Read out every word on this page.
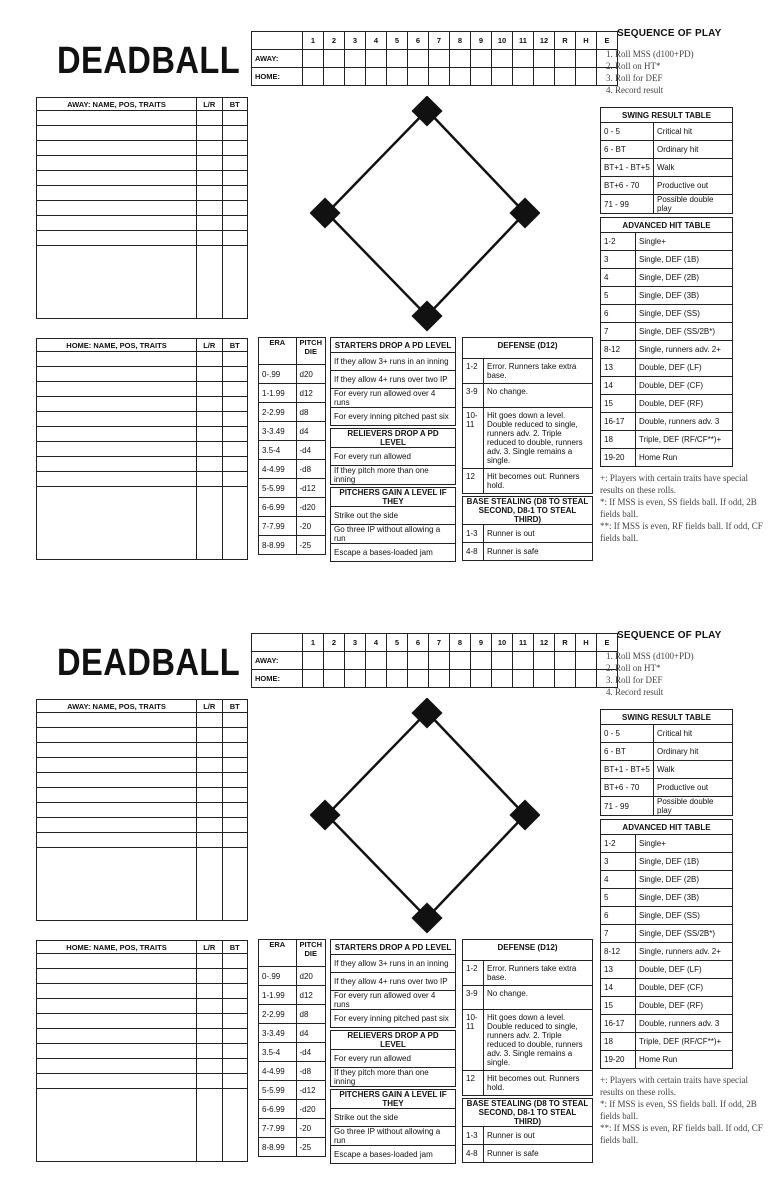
DEADBALL
		1	2	3	4	5	6	7	8	9	10	11	12	R	H	E
AWAY:															
HOME:															
SEQUENCE OF PLAY
1. Roll MSS (d100+PD)
2. Roll on HT*
3. Roll for DEF
4. Record result
AWAY: NAME, POS, TRAITS	L/R	BT

SWING RESULT TABLE	
0 - 5	Critical hit
6 - BT	Ordinary hit
BT+1 - BT+5	Walk
BT+6 - 70	Productive out
71 - 99	Possible double play
ADVANCED HIT TABLE	
1-2	Single+
3	Single, DEF (1B)
4	Single, DEF (2B)
5	Single, DEF (3B)
6	Single, DEF (SS)
7	Single, DEF (SS/2B*)
8-12	Single, runners adv. 2+
13	Double, DEF (LF)
14	Double, DEF (CF)
15	Double, DEF (RF)
16-17	Double, runners adv. 3
18	Triple, DEF (RF/CF**)+
19-20	Home Run
+: Players with certain traits have special results on these rolls.
*: If MSS is even, SS fields ball. If odd, 2B fields ball.
**: If MSS is even, RF fields ball. If odd, CF fields ball.
HOME: NAME, POS, TRAITS	L/R	BT

			ERA	PITCH DIE
0-.99	d20
1-1.99	d12
2-2.99	d8
3-3.49	d4
3.5-4	-d4
4-4.99	-d8
5-5.99	-d12
6-6.99	-d20
7-7.99	-20
8-8.99	-25
STARTERS DROP A PD LEVEL
If they allow 3+ runs in an inning
If they allow 4+ runs over two IP
For every run allowed over 4 runs
For every inning pitched past six
RELIEVERS DROP A PD LEVEL
For every run allowed
If they pitch more than one inning
PITCHERS GAIN A LEVEL IF THEY
Strike out the side
Go three IP without allowing a run
Escape a bases-loaded jam
DEFENSE (D12)	
1-2	Error. Runners take extra base.
3-9	No change.
10-11	Hit goes down a level. Double reduced to single, runners adv. 2. Triple reduced to double, runners adv. 3. Single remains a single.
12	Hit becomes out. Runners hold.
BASE STEALING (D8 TO STEAL SECOND, D8-1 TO STEAL THIRD)	
1-3	Runner is out
4-8	Runner is safe
DEADBALL
		1	2	3	4	5	6	7	8	9	10	11	12	R	H	E
AWAY:															
HOME:															
SEQUENCE OF PLAY
1. Roll MSS (d100+PD)
2. Roll on HT*
3. Roll for DEF
4. Record result
AWAY: NAME, POS, TRAITS	L/R	BT

SWING RESULT TABLE	
0 - 5	Critical hit
6 - BT	Ordinary hit
BT+1 - BT+5	Walk
BT+6 - 70	Productive out
71 - 99	Possible double play
ADVANCED HIT TABLE	
1-2	Single+
3	Single, DEF (1B)
4	Single, DEF (2B)
5	Single, DEF (3B)
6	Single, DEF (SS)
7	Single, DEF (SS/2B*)
8-12	Single, runners adv. 2+
13	Double, DEF (LF)
14	Double, DEF (CF)
15	Double, DEF (RF)
16-17	Double, runners adv. 3
18	Triple, DEF (RF/CF**)+
19-20	Home Run
+: Players with certain traits have special results on these rolls.
*: If MSS is even, SS fields ball. If odd, 2B fields ball.
**: If MSS is even, RF fields ball. If odd, CF fields ball.
HOME: NAME, POS, TRAITS	L/R	BT

			ERA	PITCH DIE
0-.99	d20
1-1.99	d12
2-2.99	d8
3-3.49	d4
3.5-4	-d4
4-4.99	-d8
5-5.99	-d12
6-6.99	-d20
7-7.99	-20
8-8.99	-25
STARTERS DROP A PD LEVEL
If they allow 3+ runs in an inning
If they allow 4+ runs over two IP
For every run allowed over 4 runs
For every inning pitched past six
RELIEVERS DROP A PD LEVEL
For every run allowed
If they pitch more than one inning
PITCHERS GAIN A LEVEL IF THEY
Strike out the side
Go three IP without allowing a run
Escape a bases-loaded jam
DEFENSE (D12)	
1-2	Error. Runners take extra base.
3-9	No change.
10-11	Hit goes down a level. Double reduced to single, runners adv. 2. Triple reduced to double, runners adv. 3. Single remains a single.
12	Hit becomes out. Runners hold.
BASE STEALING (D8 TO STEAL SECOND, D8-1 TO STEAL THIRD)	
1-3	Runner is out
4-8	Runner is safe
